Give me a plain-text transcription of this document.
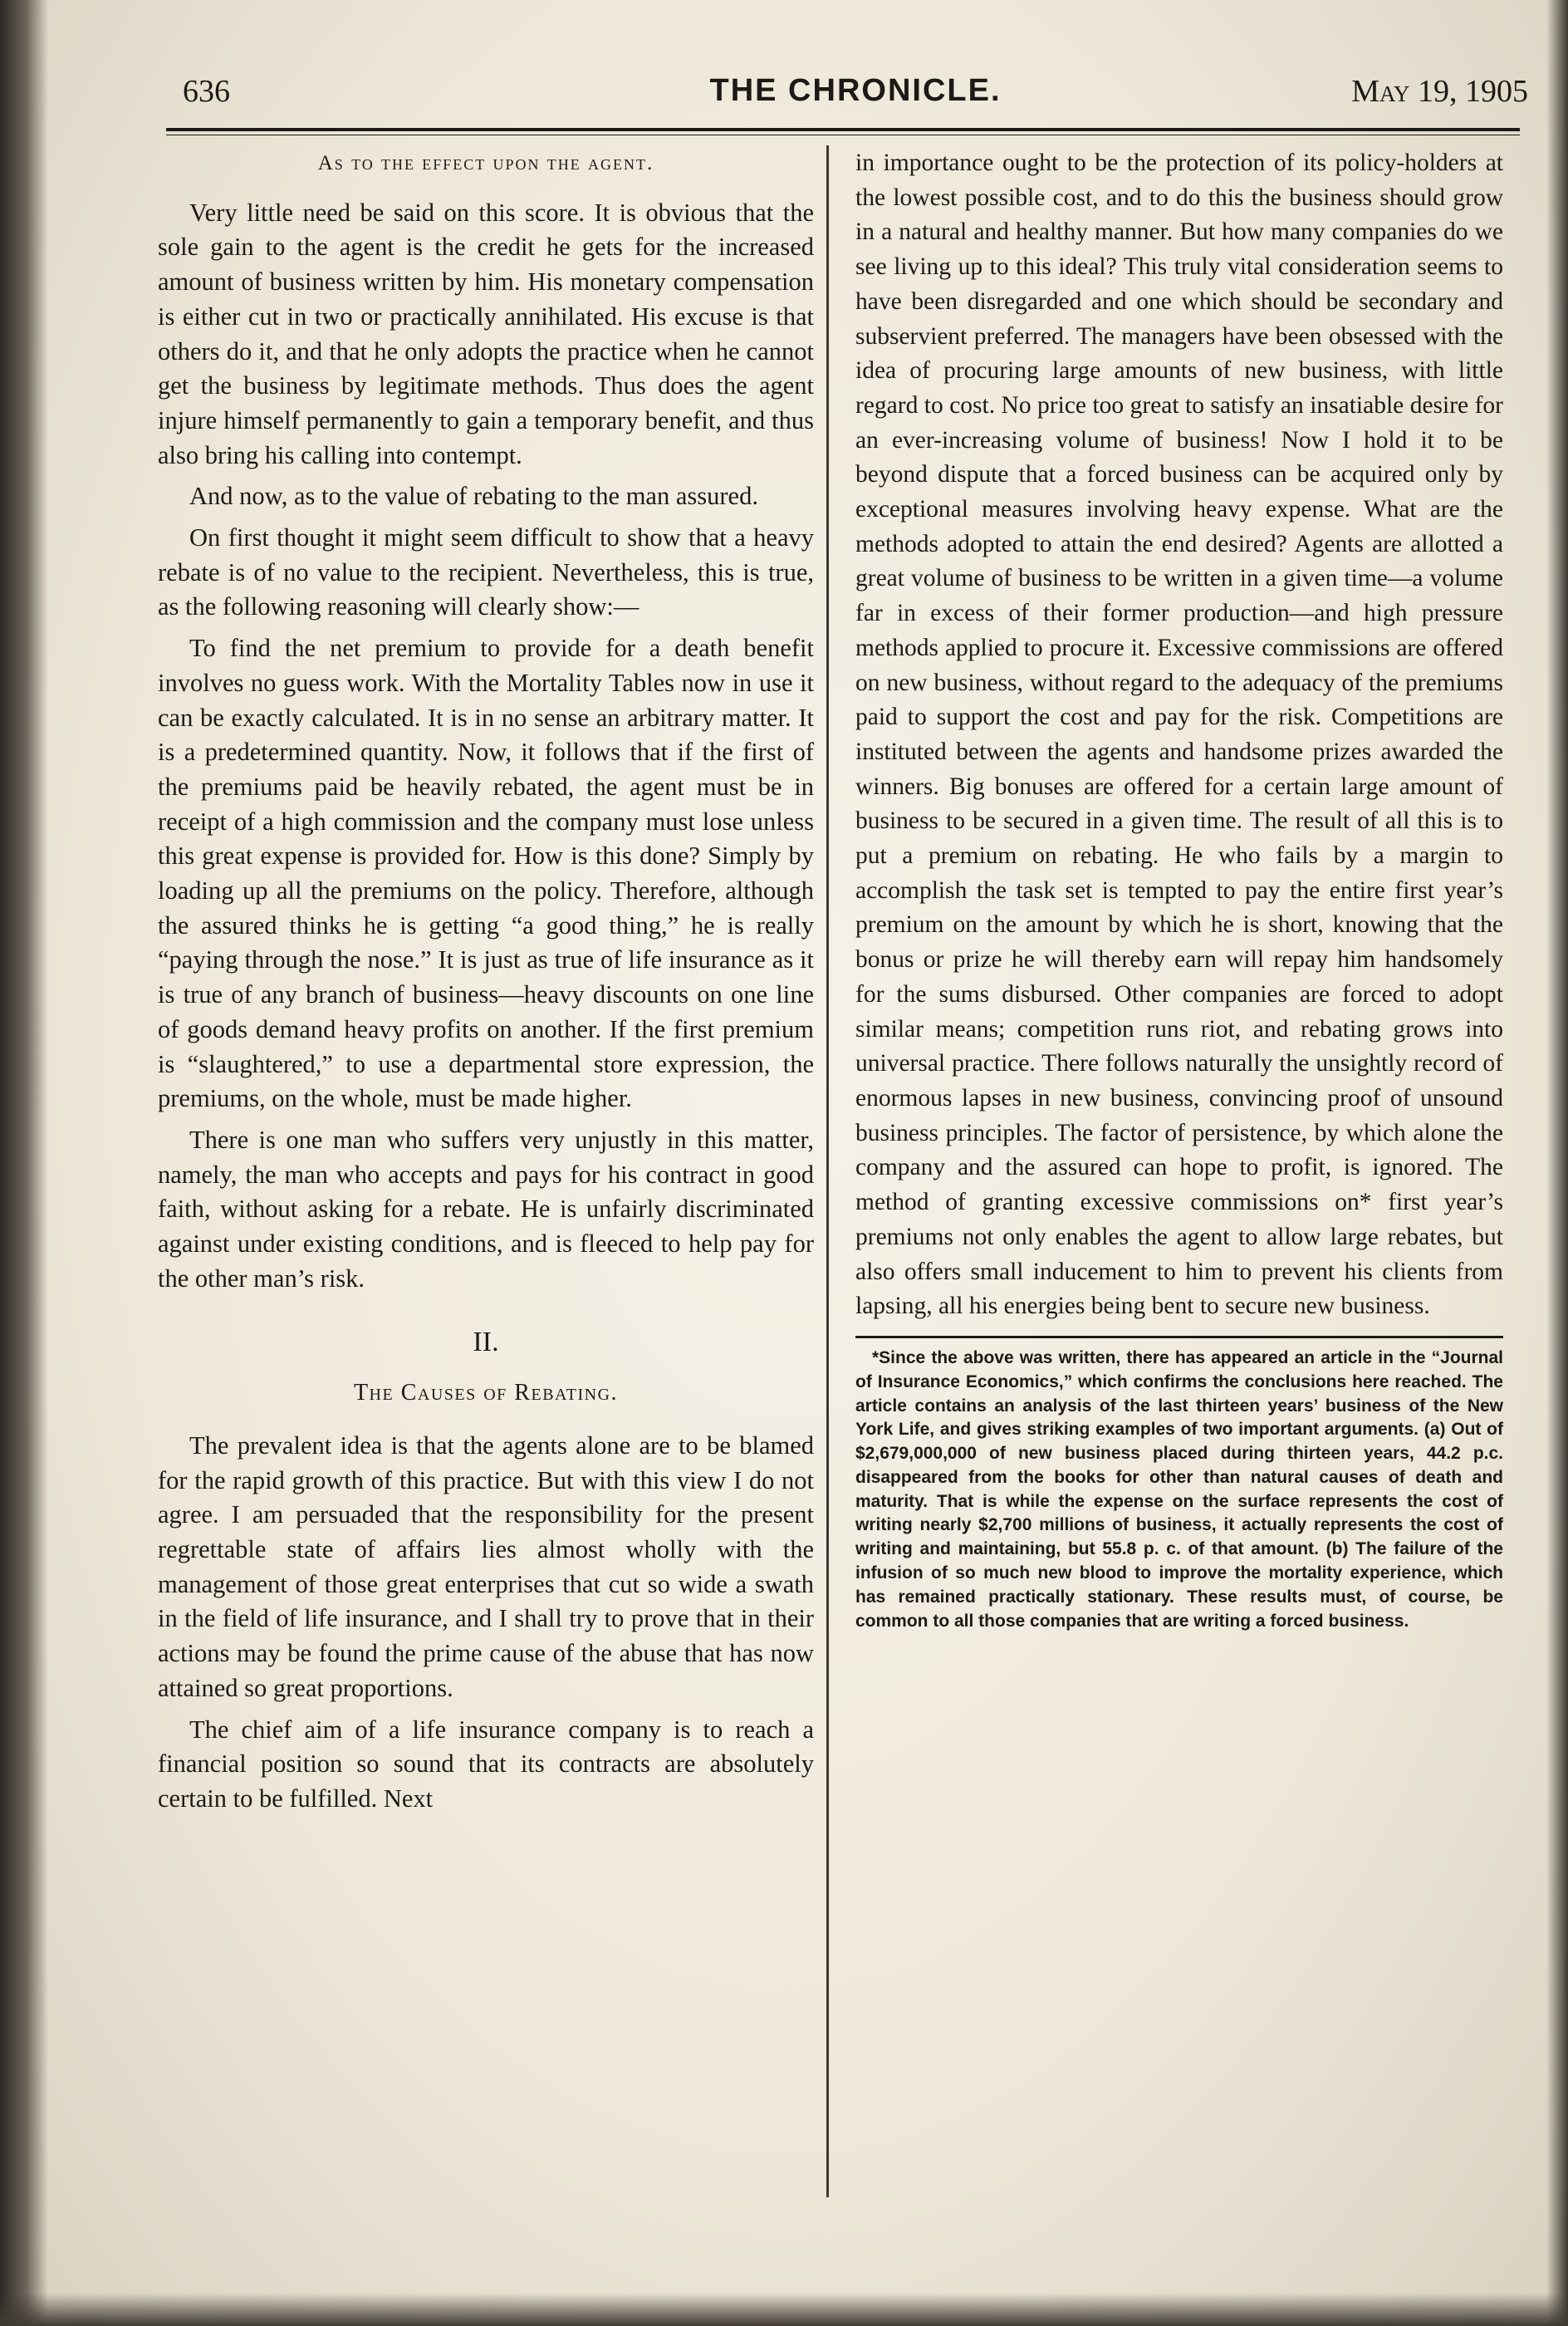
636	THE CHRONICLE.	May 19, 1905
As to the effect upon the agent.

Very little need be said on this score. It is obvious that the sole gain to the agent is the credit he gets for the increased amount of business written by him. His monetary compensation is either cut in two or practically annihilated. His excuse is that others do it, and that he only adopts the practice when he cannot get the business by legitimate methods. Thus does the agent injure himself permanently to gain a temporary benefit, and thus also bring his calling into contempt.

And now, as to the value of rebating to the man assured.

On first thought it might seem difficult to show that a heavy rebate is of no value to the recipient. Nevertheless, this is true, as the following reasoning will clearly show:—

To find the net premium to provide for a death benefit involves no guess work. With the Mortality Tables now in use it can be exactly calculated. It is in no sense an arbitrary matter. It is a predetermined quantity. Now, it follows that if the first of the premiums paid be heavily rebated, the agent must be in receipt of a high commission and the company must lose unless this great expense is provided for. How is this done? Simply by loading up all the premiums on the policy. Therefore, although the assured thinks he is getting “a good thing,” he is really “paying through the nose.” It is just as true of life insurance as it is true of any branch of business—heavy discounts on one line of goods demand heavy profits on another. If the first premium is “slaughtered,” to use a departmental store expression, the premiums, on the whole, must be made higher.

There is one man who suffers very unjustly in this matter, namely, the man who accepts and pays for his contract in good faith, without asking for a rebate. He is unfairly discriminated against under existing conditions, and is fleeced to help pay for the other man’s risk.

II.
The Causes of Rebating.

The prevalent idea is that the agents alone are to be blamed for the rapid growth of this practice. But with this view I do not agree. I am persuaded that the responsibility for the present regrettable state of affairs lies almost wholly with the management of those great enterprises that cut so wide a swath in the field of life insurance, and I shall try to prove that in their actions may be found the prime cause of the abuse that has now attained so great proportions.

The chief aim of a life insurance company is to reach a financial position so sound that its contracts are absolutely certain to be fulfilled. Next

in importance ought to be the protection of its policy-holders at the lowest possible cost, and to do this the business should grow in a natural and healthy manner. But how many companies do we see living up to this ideal? This truly vital consideration seems to have been disregarded and one which should be secondary and subservient preferred. The managers have been obsessed with the idea of procuring large amounts of new business, with little regard to cost. No price too great to satisfy an insatiable desire for an ever-increasing volume of business! Now I hold it to be beyond dispute that a forced business can be acquired only by exceptional measures involving heavy expense. What are the methods adopted to attain the end desired? Agents are allotted a great volume of business to be written in a given time—a volume far in excess of their former production—and high pressure methods applied to procure it. Excessive commissions are offered on new business, without regard to the adequacy of the premiums paid to support the cost and pay for the risk. Competitions are instituted between the agents and handsome prizes awarded the winners. Big bonuses are offered for a certain large amount of business to be secured in a given time. The result of all this is to put a premium on rebating. He who fails by a margin to accomplish the task set is tempted to pay the entire first year’s premium on the amount by which he is short, knowing that the bonus or prize he will thereby earn will repay him handsomely for the sums disbursed. Other companies are forced to adopt similar means; competition runs riot, and rebating grows into universal practice. There follows naturally the unsightly record of enormous lapses in new business, convincing proof of unsound business principles. The factor of persistence, by which alone the company and the assured can hope to profit, is ignored. The method of granting excessive commissions on* first year’s premiums not only enables the agent to allow large rebates, but also offers small inducement to him to prevent his clients from lapsing, all his energies being bent to secure new business.

*Since the above was written, there has appeared an article in the “Journal of Insurance Economics,” which confirms the conclusions here reached. The article contains an analysis of the last thirteen years’ business of the New York Life, and gives striking examples of two important arguments. (a) Out of $2,679,000,000 of new business placed during thirteen years, 44.2 p.c. disappeared from the books for other than natural causes of death and maturity. That is while the expense on the surface represents the cost of writing nearly $2,700 millions of business, it actually represents the cost of writing and maintaining, but 55.8 p. c. of that amount. (b) The failure of the infusion of so much new blood to improve the mortality experience, which has remained practically stationary. These results must, of course, be common to all those companies that are writing a forced business.
